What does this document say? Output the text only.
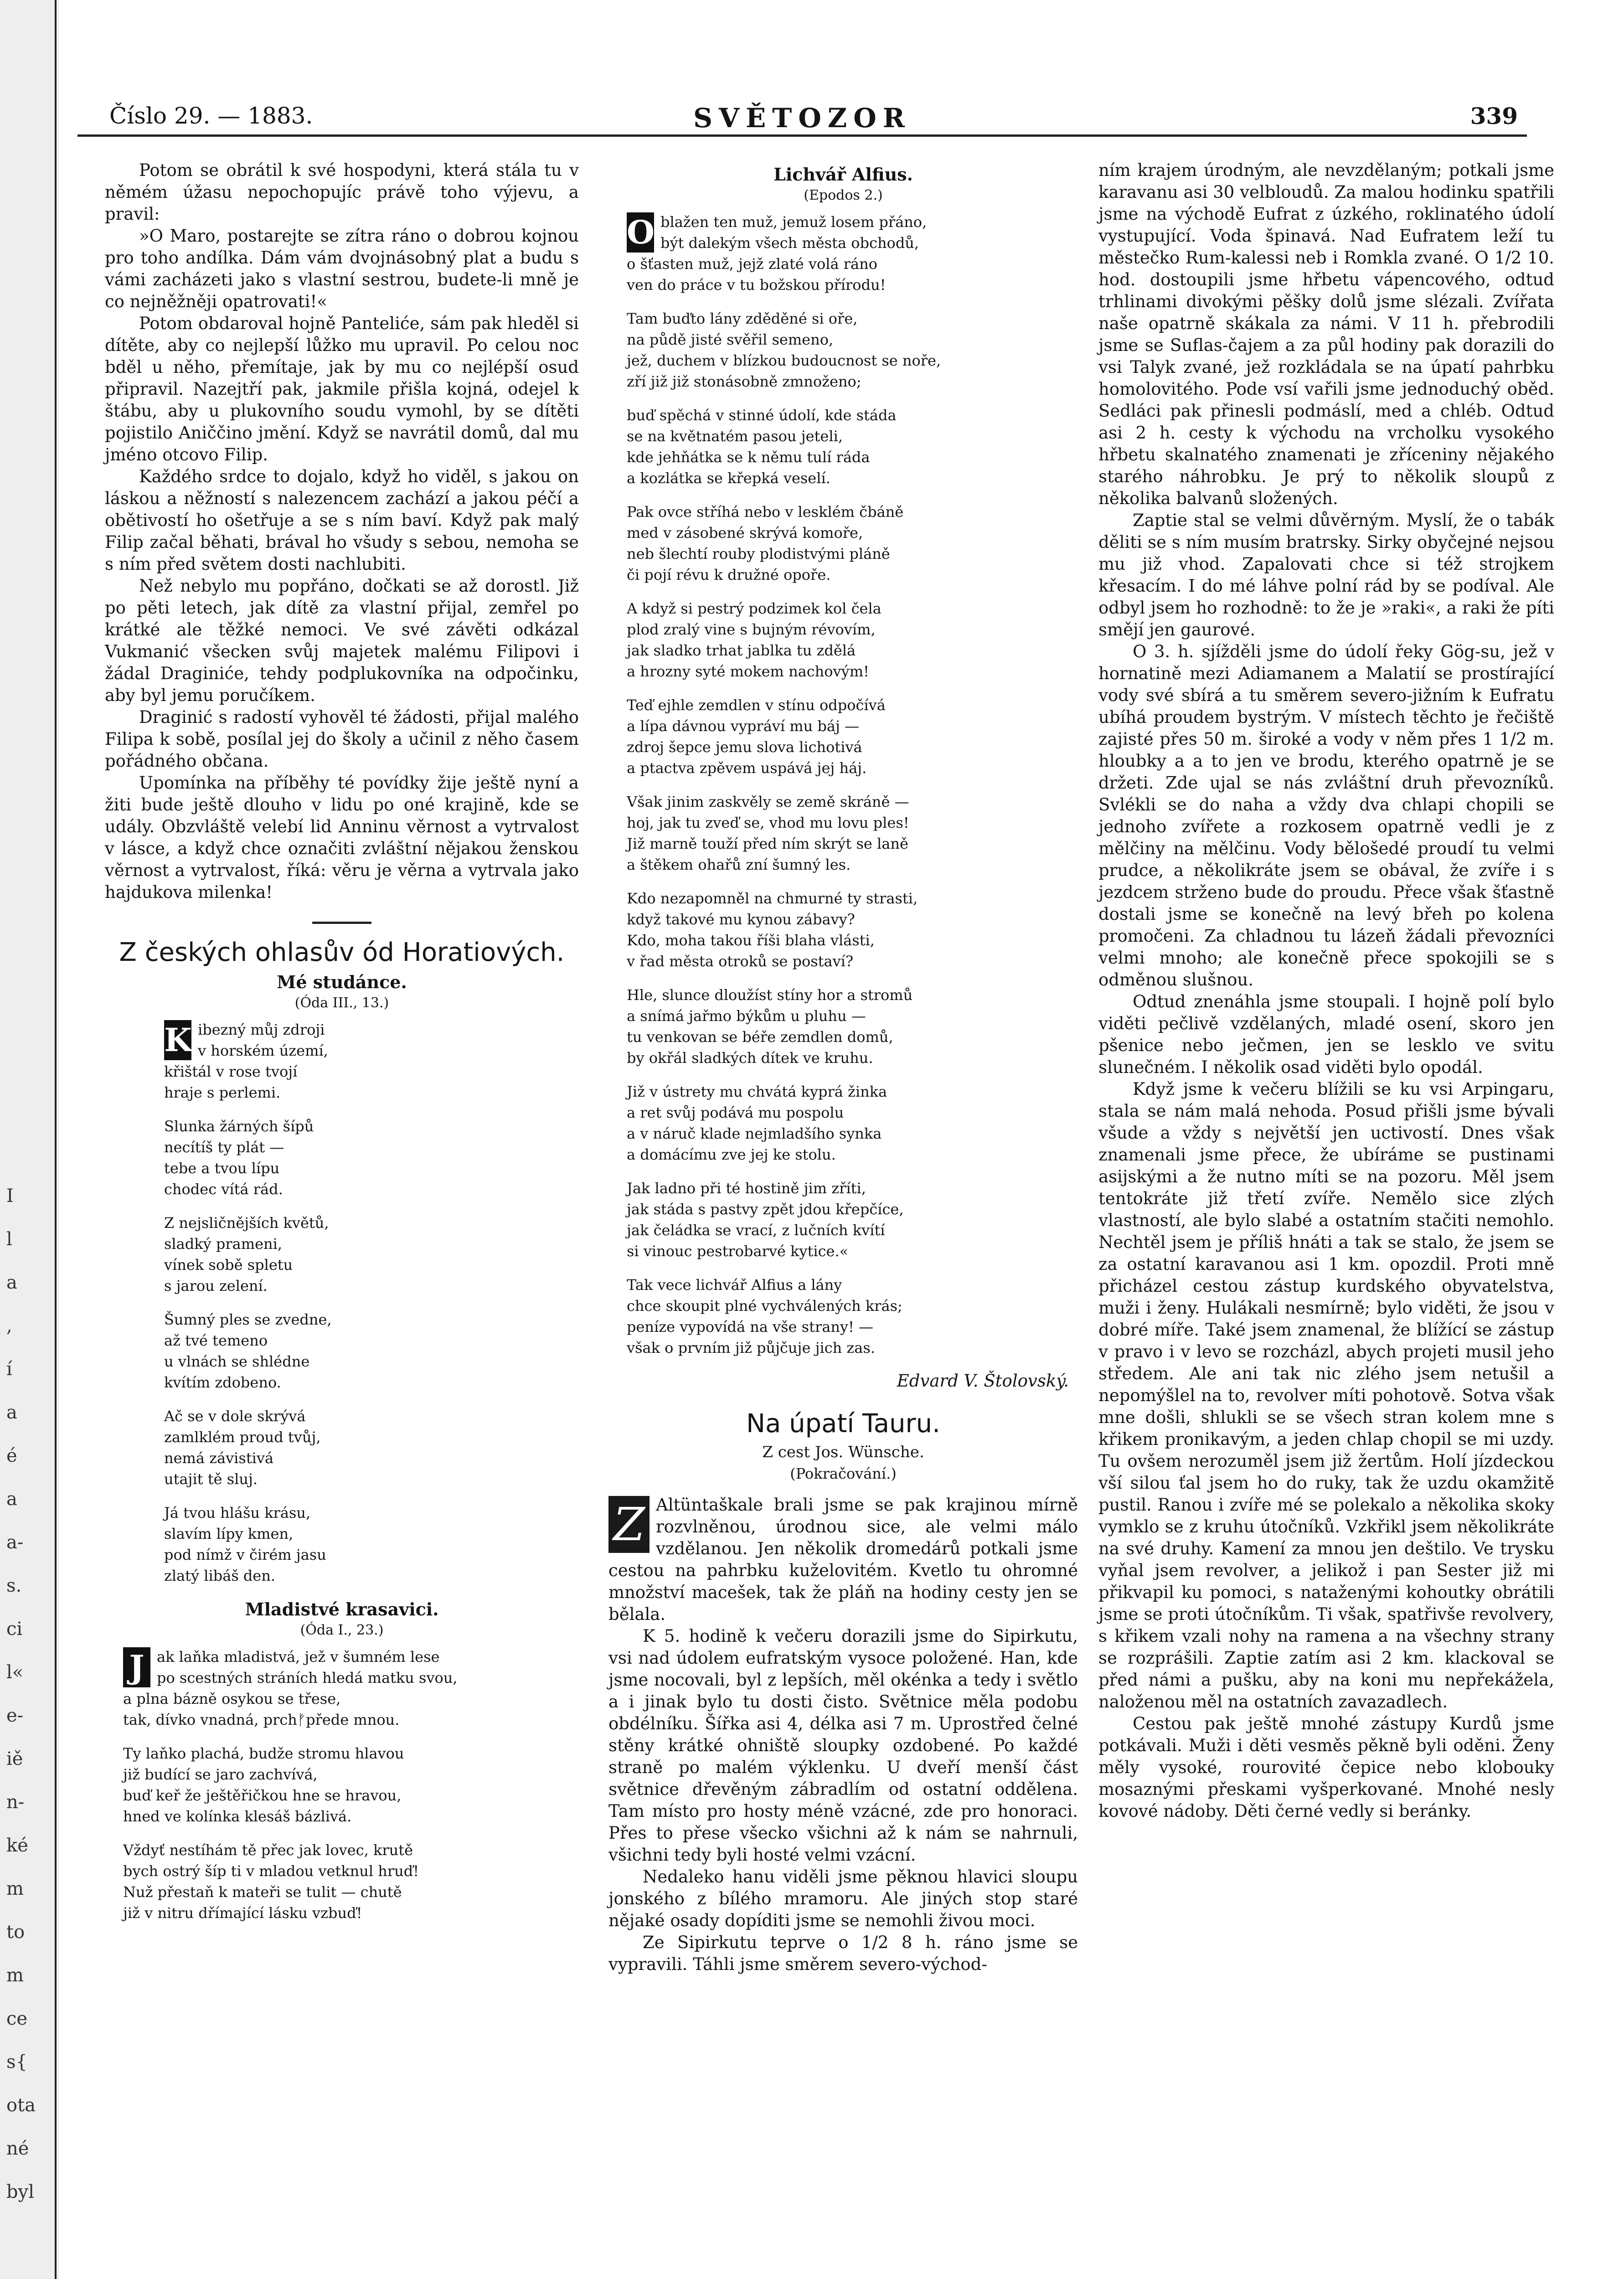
I
l
a
,
í
a
é
a
a-
s.
ci
l«
e-
iě
n-
ké
m
to
m
ce
s{
ota
né
byl
Číslo 29. — 1883.	SVĚTOZOR	339

Potom se obrátil k své hospodyni, která stála tu v němém úžasu nepochopujíc právě toho výjevu, a pravil:

»O Maro, postarejte se zítra ráno o dobrou kojnou pro toho andílka. Dám vám dvojnásobný plat a budu s vámi zacházeti jako s vlastní sestrou, budete-li mně je co nejněžněji opatrovati!«

Potom obdaroval hojně Panteliće, sám pak hleděl si dítěte, aby co nejlepší lůžko mu upravil. Po celou noc bděl u něho, přemítaje, jak by mu co nejlépší osud připravil. Nazejtří pak, jakmile přišla kojná, odejel k štábu, aby u plukovního soudu vymohl, by se dítěti pojistilo Aniččino jmění. Když se navrátil domů, dal mu jméno otcovo Filip.

Každého srdce to dojalo, když ho viděl, s jakou on láskou a něžností s nalezencem zachází a jakou péčí a obětivostí ho ošetřuje a se s ním baví. Když pak malý Filip začal běhati, brával ho všudy s sebou, nemoha se s ním před světem dosti nachlubiti.

Než nebylo mu popřáno, dočkati se až dorostl. Již po pěti letech, jak dítě za vlastní přijal, zemřel po krátké ale těžké nemoci. Ve své závěti odkázal Vukmanić všecken svůj majetek malému Filipovi i žádal Draginiće, tehdy podplukovníka na odpočinku, aby byl jemu poručíkem.

Draginić s radostí vyhověl té žádosti, přijal malého Filipa k sobě, posílal jej do školy a učinil z něho časem pořádného občana.

Upomínka na příběhy té povídky žije ještě nyní a žiti bude ještě dlouho v lidu po oné krajině, kde se udály. Obzvláště velebí lid Anninu věrnost a vytrvalost v lásce, a když chce označiti zvláštní nějakou ženskou věrnost a vytrvalost, říká: věru je věrna a vytrvala jako hajdukova milenka!

Z českých ohlasův ód Horatiových.
Mé studánce.
(Óda III., 13.)
K ibezný můj zdroji
v horském území,
křištál v rose tvojí
hraje s perlemi.
Slunka žárných šípů
necítíš ty plát —
tebe a tvou lípu
chodec vítá rád.
Z nejsličnějších květů,
sladký prameni,
vínek sobě spletu
s jarou zelení.
Šumný ples se zvedne,
až tvé temeno
u vlnách se shlédne
kvítím zdobeno.
Ač se v dole skrývá
zamlklém proud tvůj,
nemá závistivá
utajit tě sluj.
Já tvou hlášu krásu,
slavím lípy kmen,
pod nímž v čirém jasu
zlatý libáš den.
Mladistvé krasavici.
(Óda I., 23.)
J ak laňka mladistvá, jež v šumném lese
po scestných stráních hledá matku svou,
a plna bázně osykou se třese,
tak, dívko vnadná, prchᚠpřede mnou.
Ty laňko plachá, budže stromu hlavou
již budící se jaro zachvívá,
buď keř že ještěřičkou hne se hravou,
hned ve kolínka klesáš bázlivá.
Vždyť nestíhám tě přec jak lovec, krutě
bych ostrý šíp ti v mladou vetknul hruď!
Nuž přestaň k mateři se tulit — chutě
již v nitru dřímající lásku vzbuď!
Lichvář Alfius.
(Epodos 2.)
O blažen ten muž, jemuž losem přáno,
být dalekým všech města obchodů,
o šťasten muž, jejž zlaté volá ráno
ven do práce v tu božskou přírodu!
Tam buďto lány zděděné si oře,
na půdě jisté svěřil semeno,
jež, duchem v blízkou budoucnost se noře,
zří již již stonásobně zmnoženo;
buď spěchá v stinné údolí, kde stáda
se na květnatém pasou jeteli,
kde jehňátka se k němu tulí ráda
a kozlátka se křepká veselí.
Pak ovce stříhá nebo v lesklém čbáně
med v zásobené skrývá komoře,
neb šlechtí rouby plodistvými pláně
či pojí révu k družné opoře.
A když si pestrý podzimek kol čela
plod zralý vine s bujným révovím,
jak sladko trhat jablka tu zdělá
a hrozny syté mokem nachovým!
Teď ejhle zemdlen v stínu odpočívá
a lípa dávnou vypráví mu báj —
zdroj šepce jemu slova lichotivá
a ptactva zpěvem uspává jej háj.
Však jinim zaskvěly se země skráně —
hoj, jak tu zveď se, vhod mu lovu ples!
Již marně touží před ním skrýt se laně
a štěkem ohařů zní šumný les.
Kdo nezapomněl na chmurné ty strasti,
když takové mu kynou zábavy?
Kdo, moha takou říši blaha vlásti,
v řad města otroků se postaví?
Hle, slunce dloužíst stíny hor a stromů
a snímá jařmo býkům u pluhu —
tu venkovan se béře zemdlen domů,
by okřál sladkých dítek ve kruhu.
Již v ústrety mu chvátá kyprá žinka
a ret svůj podává mu pospolu
a v náruč klade nejmladšího synka
a domácímu zve jej ke stolu.
Jak ladno při té hostině jim zříti,
jak stáda s pastvy zpět jdou křepčíce,
jak čeládka se vrací, z lučních kvítí
si vinouc pestrobarvé kytice.«
Tak vece lichvář Alfius a lány
chce skoupit plné vychválených krás;
peníze vypovídá na vše strany! —
však o prvním již půjčuje jich zas.
Edvard V. Štolovský.
Na úpatí Tauru.
Z cest Jos. Wünsche.
(Pokračování.)

Z Altüntaškale brali jsme se pak krajinou mírně rozvlněnou, úrodnou sice, ale velmi málo vzdělanou. Jen několik dromedárů potkali jsme cestou na pahrbku kuželovitém. Kvetlo tu ohromné množství macešek, tak že pláň na hodiny cesty jen se bělala.

K 5. hodině k večeru dorazili jsme do Sipirkutu, vsi nad údolem eufratským vysoce položené. Han, kde jsme nocovali, byl z lepších, měl okénka a tedy i světlo a i jinak bylo tu dosti čisto. Světnice měla podobu obdélníku. Šířka asi 4, délka asi 7 m. Uprostřed čelné stěny krátké ohniště sloupky ozdobené. Po každé straně po malém výklenku. U dveří menší část světnice dřevěným zábradlím od ostatní oddělena. Tam místo pro hosty méně vzácné, zde pro honoraci. Přes to přese všecko všichni až k nám se nahrnuli, všichni tedy byli hosté velmi vzácní.

Nedaleko hanu viděli jsme pěknou hlavici sloupu jonského z bílého mramoru. Ale jiných stop staré nějaké osady dopíditi jsme se nemohli živou moci.

Ze Sipirkutu teprve o 1/2 8 h. ráno jsme se vypravili. Táhli jsme směrem severo-východ-

ním krajem úrodným, ale nevzdělaným; potkali jsme karavanu asi 30 velbloudů. Za malou hodinku spatřili jsme na východě Eufrat z úzkého, roklinatého údolí vystupující. Voda špinavá. Nad Eufratem leží tu městečko Rum-kalessi neb i Romkla zvané. O 1/2 10. hod. dostoupili jsme hřbetu vápencového, odtud trhlinami divokými pěšky dolů jsme slézali. Zvířata naše opatrně skákala za námi. V 11 h. přebrodili jsme se Suflas-čajem a za půl hodiny pak dorazili do vsi Talyk zvané, jež rozkládala se na úpatí pahrbku homolovitého. Pode vsí vařili jsme jednoduchý oběd. Sedláci pak přinesli podmáslí, med a chléb. Odtud asi 2 h. cesty k východu na vrcholku vysokého hřbetu skalnatého znamenati je zříceniny nějakého starého náhrobku. Je prý to několik sloupů z několika balvanů složených.

Zaptie stal se velmi důvěrným. Myslí, že o tabák děliti se s ním musím bratrsky. Sirky obyčejné nejsou mu již vhod. Zapalovati chce si též strojkem křesacím. I do mé láhve polní rád by se podíval. Ale odbyl jsem ho rozhodně: to že je »raki«, a raki že píti smějí jen gaurové.

O 3. h. sjížděli jsme do údolí řeky Gög-su, jež v hornatině mezi Adiamanem a Malatií se prostírající vody své sbírá a tu směrem severo-jižním k Eufratu ubíhá proudem bystrým. V místech těchto je řečiště zajisté přes 50 m. široké a vody v něm přes 1 1/2 m. hloubky a a to jen ve brodu, kterého opatrně je se držeti. Zde ujal se nás zvláštní druh převozníků. Svlékli se do naha a vždy dva chlapi chopili se jednoho zvířete a rozkosem opatrně vedli je z mělčiny na mělčinu. Vody bělošedé proudí tu velmi prudce, a několikráte jsem se obával, že zvíře i s jezdcem strženo bude do proudu. Přece však šťastně dostali jsme se konečně na levý břeh po kolena promočeni. Za chladnou tu lázeň žádali převozníci velmi mnoho; ale konečně přece spokojili se s odměnou slušnou.

Odtud znenáhla jsme stoupali. I hojně polí bylo viděti pečlivě vzdělaných, mladé osení, skoro jen pšenice nebo ječmen, jen se lesklo ve svitu slunečném. I několik osad viděti bylo opodál.

Když jsme k večeru blížili se ku vsi Arpingaru, stala se nám malá nehoda. Posud přišli jsme bývali všude a vždy s největší jen uctivostí. Dnes však znamenali jsme přece, že ubíráme se pustinami asijskými a že nutno míti se na pozoru. Měl jsem tentokráte již třetí zvíře. Nemělo sice zlých vlastností, ale bylo slabé a ostatním stačiti nemohlo. Nechtěl jsem je příliš hnáti a tak se stalo, že jsem se za ostatní karavanou asi 1 km. opozdil. Proti mně přicházel cestou zástup kurdského obyvatelstva, muži i ženy. Hulákali nesmírně; bylo viděti, že jsou v dobré míře. Také jsem znamenal, že blížící se zástup v pravo i v levo se rozcházl, abych projeti musil jeho středem. Ale ani tak nic zlého jsem netušil a nepomýšlel na to, revolver míti pohotově. Sotva však mne došli, shlukli se se všech stran kolem mne s křikem pronikavým, a jeden chlap chopil se mi uzdy. Tu ovšem nerozuměl jsem již žertům. Holí jízdeckou vší silou ťal jsem ho do ruky, tak že uzdu okamžitě pustil. Ranou i zvíře mé se polekalo a několika skoky vymklo se z kruhu útočníků. Vzkřikl jsem několikráte na své druhy. Kamení za mnou jen deštilo. Ve trysku vyňal jsem revolver, a jelikož i pan Sester již mi přikvapil ku pomoci, s nataženými kohoutky obrátili jsme se proti útočníkům. Ti však, spatřivše revolvery, s křikem vzali nohy na ramena a na všechny strany se rozprášili. Zaptie zatím asi 2 km. klackoval se před námi a pušku, aby na koni mu nepřekážela, naloženou měl na ostatních zavazadlech.

Cestou pak ještě mnohé zástupy Kurdů jsme potkávali. Muži i děti vesměs pěkně byli oděni. Ženy měly vysoké, rourovité čepice nebo klobouky mosaznými přeskami vyšperkované. Mnohé nesly kovové nádoby. Děti černé vedly si beránky.
